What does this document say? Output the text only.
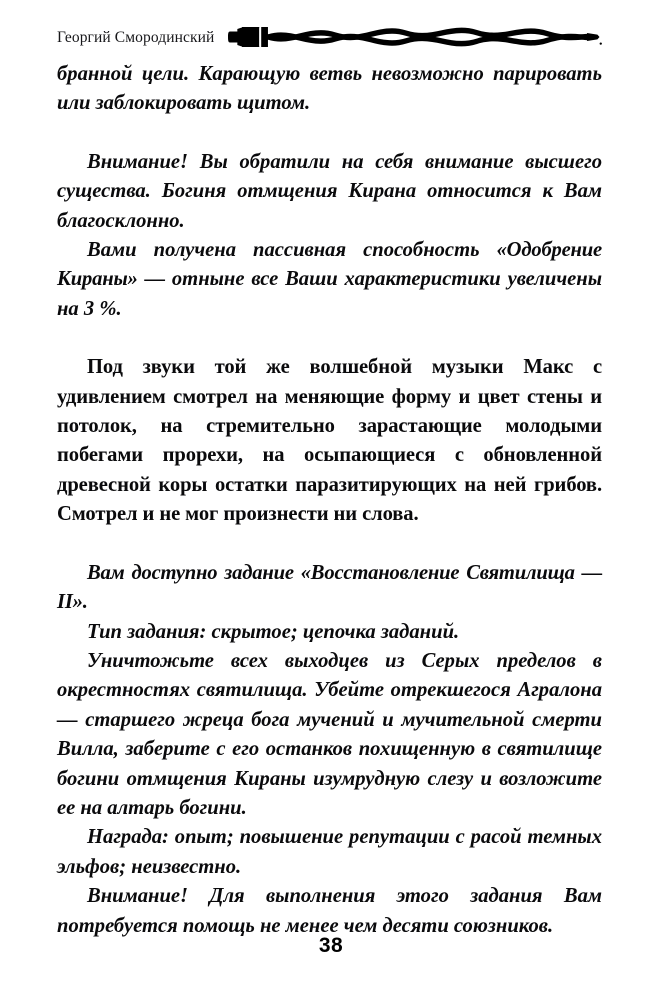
Георгий Смородинский

бранной цели. Карающую ветвь невозможно парировать или заблокировать щитом.

Внимание! Вы обратили на себя внимание высшего существа. Богиня отмщения Кирана относится к Вам благосклонно.

Вами получена пассивная способность «Одобрение Кираны» — отныне все Ваши характеристики увеличены на 3 %.

Под звуки той же волшебной музыки Макс с удивлением смотрел на меняющие форму и цвет стены и потолок, на стремительно зарастающие молодыми побегами прорехи, на осыпающиеся с обновленной древесной коры остатки паразитирующих на ней грибов. Смотрел и не мог произнести ни слова.

Вам доступно задание «Восстановление Святилища — II».

Тип задания: скрытое; цепочка заданий.

Уничтожьте всех выходцев из Серых пределов в окрестностях святилища. Убейте отрекшегося Агралона — старшего жреца бога мучений и мучительной смерти Вилла, заберите с его останков похищенную в святилище богини отмщения Кираны изумрудную слезу и возложите ее на алтарь богини.

Награда: опыт; повышение репутации с расой темных эльфов; неизвестно.

Внимание! Для выполнения этого задания Вам потребуется помощь не менее чем десяти союзников.

38
